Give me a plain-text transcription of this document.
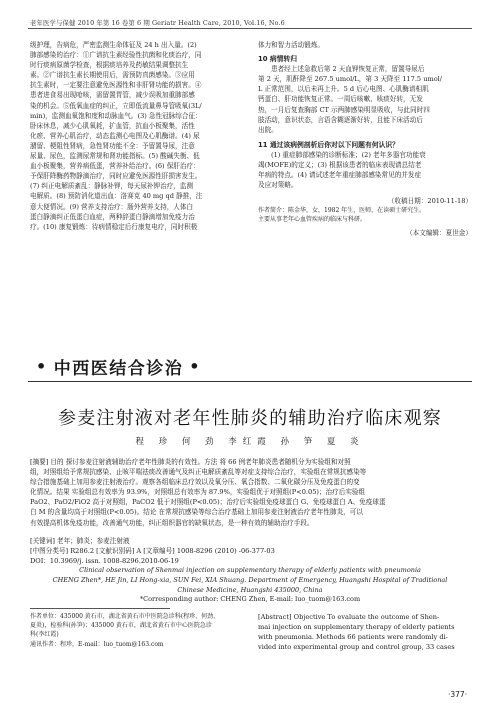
老年医学与保健 2010 年第 16 卷第 6 期 Geriatr Health Care, 2010, Vol.16, No.6

级护理，告病危，严密监测生命体征及 24 h 出入量。(2)

肺部感染的治疗：①广谱抗生素经验性抗菌和化痰治疗，同

时行痰病原菌学检查，根据痰培养及药敏结果调整抗生

素。②广谱抗生素长期使用后，需预防真菌感染。③应用

抗生素时，一定要注意避免医源性和非肝肾功能的损害。④

患者进食易出现呛咳，需留置胃管，减少误吸加重肺部感

染的机会。⑤低氧血症的纠正，立即低流量鼻导管吸氧(3L/

min)，监测血氧饱和度和动脉血气。(3) 急性冠脉综合征：

卧床休息，减少心肌氧耗，扩血管，抗血小板聚集，活性

化瘀、营养心肌治疗，动态监测心电图及心肌酶谱。(4) 尿

潴留、梗阻性肾病，急性肾功能不全：予留置导尿，注意

尿量、尿色，监测尿常规和肾功能指标。(5) 酸碱失衡、低

血小板聚集，营养病低蛋，营养补给治疗。(6) 保肝治疗：

予保肝降酶药物静滴治疗，同时应避免医源性肝损害发生。

(7) 纠正电解质紊乱：静脉补钾，每天尿补钾治疗，监测

电解质。(8) 预防消化道出血：洛赛克 40 mg qd 静推，注

意大便情况。(9) 营养支持治疗：肠外营养支持，人体白

蛋白静滴纠正低蛋白血症，两种辞蛋白静滴增加免疫力治

疗。(10) 康复锻炼：待病情稳定后行康复电疗，同时积极

体力和智力活动锻炼。

10 病情转归

患者经上述急救后第 2 天血钾恢复正常，留置导尿后

第 2 天，肌酐降至 267.5 umol/L，第 3 天降至 117.5 umol/

L 正常范围，以后未再上升。5 d 后心电图、心肌酶谱相肌

钙蛋白、肝功能恢复正常。一周后咳嗽、咳痰好转，无发

热，一月后复查胸部 CT 示两肺感染明显吸收，与此同时四

肢活动，意识状态，言语含糊逐渐好转，且能下床活动后

出院。

11 通过该病例剖析后你对以下问题有何认识？

(1) 重症肺部感染的诊断标准；(2) 老年多器官功能衰

竭(MOFE)的定义；(3) 根据该患者的临床表现请总结老

年病的特点。(4) 请试述老年重症肺部感染常见的并发症

及应对策略。

（收稿日期：2010-11-18）

作者简介：陈金华，女，1982 年生，医师，在读硕士研究生。

主要从事老年心血管疾病的临床与科研。

（本文编辑：夏世金）

• 中西医结合诊治 •
参麦注射液对老年性肺炎的辅助治疗临床观察
程 珍 何 劲 李红霞 孙 笋 夏 炎

[摘要] 目的 探讨参麦注射液辅助治疗老年性肺炎的有效性。方法 将 66 例老年肺炎患者随机分为实验组和对照

组，对照组给予常规抗感染、止咳平喘祛痰改善通气及纠正电解质紊乱等对症支持综合治疗，实验组在常规抗感染等

综合措施基础上加用参麦注射液治疗。观察各组临床总疗效以及氧分压、氧合指数、二氧化碳分压及免疫蛋白的变

化情况。结果 实验组总有效率为 93.9%，对照组总有效率为 87.9%，实验组优于对照组(P<0.05)；治疗后实验组

PaO2、PaO2/FiO2 高于对照组，PaCO2 低于对照组(P<0.05)；治疗后实验组免疫球蛋白 G、免疫球蛋白 A、免疫球蛋

白 M 的含量均高于对照组(P<0.05)。结论 在常规抗感染等综合治疗基础上加用参麦注射液治疗老年性肺炎，可以

有效提高机体免疫功能，改善通气功能，纠正组织器官的缺氧状态，是一种有效的辅助治疗手段。

[关键词] 老年；肺炎；参麦注射液

[中图分类号] R286.2 [文献识别码] A [文章编号] 1008-8296 (2010) -06-377-03

DOI：10.3969/j. issn. 1008-8296.2010-06-19

Clinical observation of Shenmai injection on supplementary therapy of elderly patients with pneumonia

CHENG Zhen*, HE Jin, LI Hong-xia, SUN Fei, XIA Shuang. Department of Emergency, Huangshi Hospital of Traditional Chinese Medicine, Huangshi 435000, China

*Corresponding author: CHENG Zhen, E-mail: luo_tuom@163.com

作者单位：435000 黄石市，湖北省黄石市中医院急诊科(程珍、何劲、

夏炎)，检验科(孙笋)；435000 黄石市，湖北省黄石市中心医院急诊

科(李红霞)

通讯作者：程珍，E-mail：luo_tuom@163.com

[Abstract] Objective To evaluate the outcome of Shen-

mai injection on supplementary therapy of elderly patients

with pneumonia. Methods 66 patients were randomly di-

vided into experimental group and control group, 33 cases

·377·
